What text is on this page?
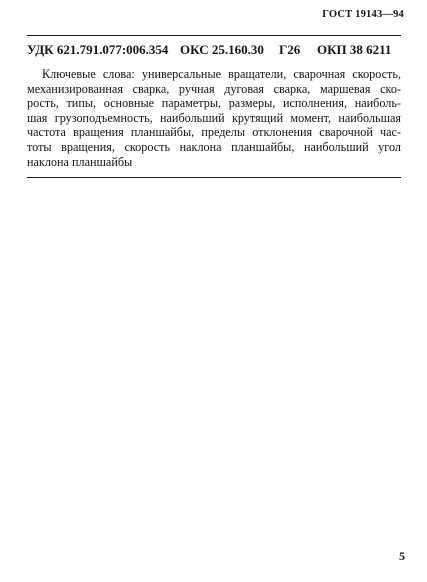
ГОСТ 19143—94
УДК 621.791.077:006.354 ОКС 25.160.30 Г26 ОКП 38 6211
Ключевые слова: универсальные вращатели, сварочная скорость,
механизированная сварка, ручная дуговая сварка, маршевая ско-
рость, типы, основные параметры, размеры, исполнения, наиболь-
шая грузоподъемность, наибольший крутящий момент, наибольшая
частота вращения планшайбы, пределы отклонения сварочной час-
тоты вращения, скорость наклона планшайбы, наибольший угол
наклона планшайбы
5
